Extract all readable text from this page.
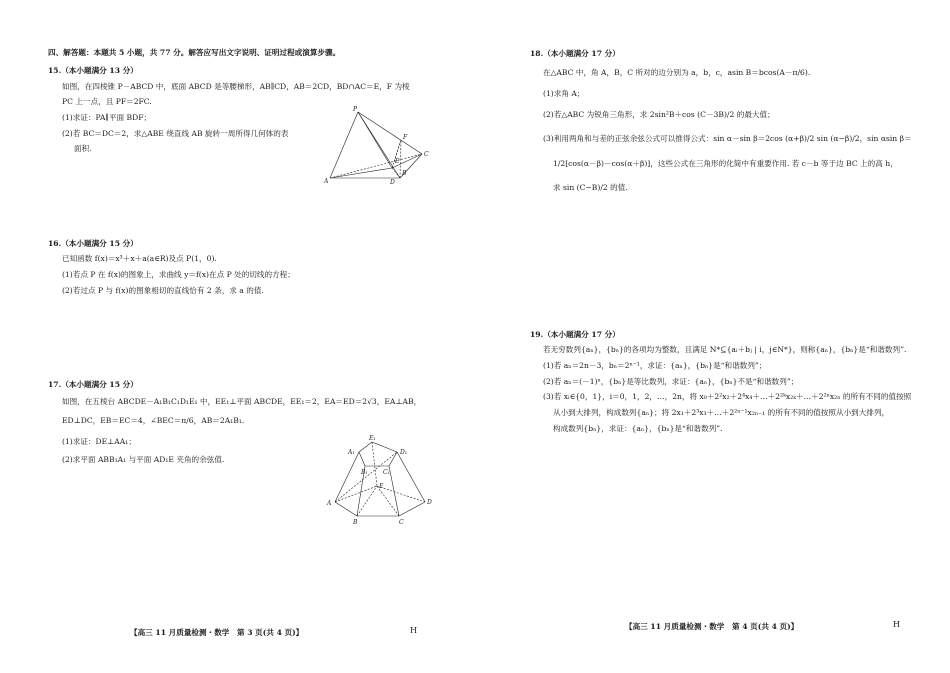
四、解答题：本题共 5 小题，共 77 分。解答应写出文字说明、证明过程或演算步骤。
15.（本小题满分 13 分）
如图，在四棱锥 P－ABCD 中，底面 ABCD 是等腰梯形，AB∥CD，AB＝2CD，BD∩AC＝E，F 为棱
PC 上一点，且 PF＝2FC.
(1)求证：PA∥平面 BDF；
(2)若 BC＝DC＝2，求△ABE 绕直线 AB 旋转一周所得几何体的表
面积.
P
F
E
C
A
B
D
16.（本小题满分 15 分）
已知函数 f(x)＝x³＋x＋a(a∈R)及点 P(1，0).
(1)若点 P 在 f(x)的图象上，求曲线 y＝f(x)在点 P 处的切线的方程；
(2)若过点 P 与 f(x)的图象相切的直线恰有 2 条，求 a 的值.
17.（本小题满分 15 分）
如图，在五棱台 ABCDE－A₁B₁C₁D₁E₁ 中，EE₁⊥平面 ABCDE，EE₁＝2，EA＝ED＝2√3，EA⊥AB，
ED⊥DC，EB＝EC＝4，∠BEC＝π/6，AB＝2A₁B₁.
(1)求证：DE⊥AA₁；
(2)求平面 ABB₁A₁ 与平面 AD₁E 夹角的余弦值.
E₁
A₁	D₁
B₁	C₁
E
A	D
B	C
【高三 11 月质量检测・数学　第 3 页(共 4 页)】	H
18.（本小题满分 17 分）
在△ABC 中，角 A，B，C 所对的边分别为 a，b，c，asin B＝bcos(A－π/6).
(1)求角 A；
(2)若△ABC 为锐角三角形，求 2sin²B＋cos (C－3B)/2 的最大值；
(3)利用两角和与差的正弦余弦公式可以推得公式：sin α－sin β＝2cos (α+β)/2 sin (α−β)/2，sin αsin β＝
1/2[cos(α－β)－cos(α＋β)]，这些公式在三角形的化简中有重要作用. 若 c－b 等于边 BC 上的高 h，
求 sin (C−B)/2 的值.
19.（本小题满分 17 分）
若无穷数列{aₙ}，{bₙ}的各项均为整数，且满足 N*⊆{aᵢ＋bⱼ | i，j∈N*}，则称{aₙ}，{bₙ}是“和谐数列”.
(1)若 aₙ＝2n－3，bₙ＝2ⁿ⁻¹，求证：{aₙ}，{bₙ}是“和谐数列”；
(2)若 aₙ＝(－1)ⁿ，{bₙ}是等比数列，求证：{aₙ}，{bₙ}不是“和谐数列”；
(3)若 xᵢ∈{0，1}，i＝0，1，2，…，2n，将 x₀＋2²x₂＋2⁴x₄＋…＋2²ᵏx₂ₖ＋…＋2²ⁿx₂ₙ 的所有不同的值按照
从小到大排列，构成数列{aₙ}；将 2x₁＋2³x₃＋…＋2²ⁿ⁻¹x₂ₙ₋₁ 的所有不同的值按照从小到大排列，
构成数列{bₙ}，求证：{aₙ}，{bₙ}是“和谐数列”.
【高三 11 月质量检测・数学　第 4 页(共 4 页)】	H
